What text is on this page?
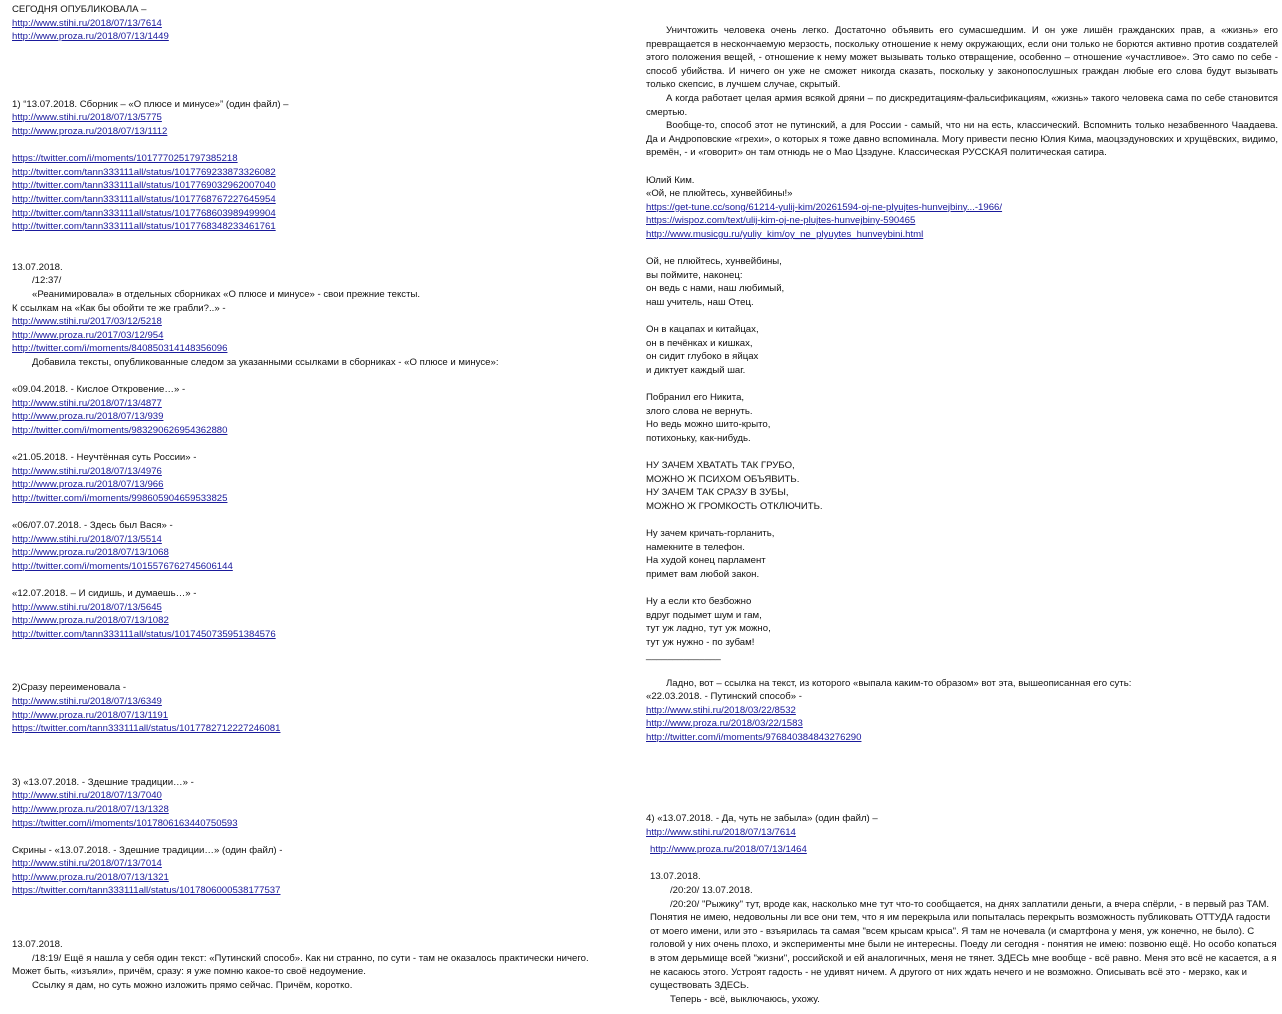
СЕГОДНЯ ОПУБЛИКОВАЛА –
http://www.stihi.ru/2018/07/13/7614
http://www.proza.ru/2018/07/13/1449
1) “13.07.2018. Сборник – «О плюсе и минусе»” (один файл) –
http://www.stihi.ru/2018/07/13/5775
http://www.proza.ru/2018/07/13/1112
https://twitter.com/i/moments/1017770251797385218
http://twitter.com/tann333111all/status/1017769233873326082
http://twitter.com/tann333111all/status/1017769032962007040
http://twitter.com/tann333111all/status/1017768767227645954
http://twitter.com/tann333111all/status/1017768603989499904
http://twitter.com/tann333111all/status/1017768348233461761
13.07.2018.
/12:37/
«Реанимировала» в отдельных сборниках «О плюсе и минусе» - свои прежние тексты.
К ссылкам на «Как бы обойти те же грабли?..» -
http://www.stihi.ru/2017/03/12/5218
http://www.proza.ru/2017/03/12/954
http://twitter.com/i/moments/840850314148356096
Добавила тексты, опубликованные следом за указанными ссылками в сборниках - «О плюсе и минусе»:
«09.04.2018. - Кислое Откровение…» -
http://www.stihi.ru/2018/07/13/4877
http://www.proza.ru/2018/07/13/939
http://twitter.com/i/moments/983290626954362880
«21.05.2018. - Неучтённая суть России» -
http://www.stihi.ru/2018/07/13/4976
http://www.proza.ru/2018/07/13/966
http://twitter.com/i/moments/998605904659533825
«06/07.07.2018. - Здесь был Вася» -
http://www.stihi.ru/2018/07/13/5514
http://www.proza.ru/2018/07/13/1068
http://twitter.com/i/moments/1015576762745606144
«12.07.2018. – И сидишь, и думаешь…» -
http://www.stihi.ru/2018/07/13/5645
http://www.proza.ru/2018/07/13/1082
http://twitter.com/tann333111all/status/1017450735951384576
2)Сразу переименовала -
http://www.stihi.ru/2018/07/13/6349
http://www.proza.ru/2018/07/13/1191
https://twitter.com/tann333111all/status/1017782712227246081
3) «13.07.2018. - Здешние традиции…» -
http://www.stihi.ru/2018/07/13/7040
http://www.proza.ru/2018/07/13/1328
https://twitter.com/i/moments/1017806163440750593
Скрины - «13.07.2018. - Здешние традиции…» (один файл) -
http://www.stihi.ru/2018/07/13/7014
http://www.proza.ru/2018/07/13/1321
https://twitter.com/tann333111all/status/1017806000538177537
13.07.2018.
/18:19/ Ещё я нашла у себя один текст: «Путинский способ». Как ни странно, по сути - там не оказалось практически ничего.
Может быть, «изъяли», причём, сразу: я уже помню какое-то своё недоумение.
Ссылку я дам, но суть можно изложить прямо сейчас. Причём, коротко.

Уничтожить человека очень легко. Достаточно объявить его сумасшедшим. И он уже лишён гражданских прав, а «жизнь» его превращается в нескончаемую мерзость, поскольку отношение к нему окружающих, если они только не борются активно против создателей этого положения вещей, - отношение к нему может вызывать только отвращение, особенно – отношение «участливое». Это само по себе - способ убийства. И ничего он уже не сможет никогда сказать, поскольку у законопослушных граждан любые его слова будут вызывать только скепсис, в лучшем случае, скрытый.

А когда работает целая армия всякой дряни – по дискредитациям-фальсификациям, «жизнь» такого человека сама по себе становится смертью.

Вообще-то, способ этот не путинский, а для России - самый, что ни на есть, классический. Вспомнить только незабвенного Чаадаева. Да и Андроповские «грехи», о которых я тоже давно вспоминала. Могу привести песню Юлия Кима, маоцзэдуновских и хрущёвских, видимо, времён, - и «говорит» он там отнюдь не о Мао Цзэдуне. Классическая РУССКАЯ политическая сатира.

Юлий Ким.
«Ой, не плюйтесь, хунвейбины!»
https://get-tune.cc/song/61214-yulij-kim/20261594-oj-ne-plyujtes-hunvejbiny...-1966/
https://wispoz.com/text/ulij-kim-oj-ne-plujtes-hunvejbiny-590465
http://www.musicgu.ru/yuliy_kim/oy_ne_plyuytes_hunveybini.html
Ой, не плюйтесь, хунвейбины,
вы поймите, наконец:
он ведь с нами, наш любимый,
наш учитель, наш Отец.
Он в кацапах и китайцах,
он в печёнках и кишках,
он сидит глубоко в яйцах
и диктует каждый шаг.
Побранил его Никита,
злого слова не вернуть.
Но ведь можно шито-крыто,
потихоньку, как-нибудь.
НУ ЗАЧЕМ ХВАТАТЬ ТАК ГРУБО,
МОЖНО Ж ПСИХОМ ОБЪЯВИТЬ.
НУ ЗАЧЕМ ТАК СРАЗУ В ЗУБЫ,
МОЖНО Ж ГРОМКОСТЬ ОТКЛЮЧИТЬ.
Ну зачем кричать-горланить,
намекните в телефон.
На худой конец парламент
примет вам любой закон.
Ну а если кто безбожно
вдруг подымет шум и гам,
тут уж ладно, тут уж можно,
тут уж нужно - по зубам!
______________
Ладно, вот – ссылка на текст, из которого «выпала каким-то образом» вот эта, вышеописанная его суть:
«22.03.2018. - Путинский способ» -
http://www.stihi.ru/2018/03/22/8532
http://www.proza.ru/2018/03/22/1583
http://twitter.com/i/moments/976840384843276290
4) «13.07.2018. - Да, чуть не забыла» (один файл) –
http://www.stihi.ru/2018/07/13/7614
http://www.proza.ru/2018/07/13/1464
13.07.2018.
/20:20/ 13.07.2018.

/20:20/ "Рыжику" тут, вроде как, насколько мне тут что-то сообщается, на днях заплатили деньги, а вчера спёрли, - в первый раз ТАМ. Понятия не имею, недовольны ли все они тем, что я им перекрыла или попыталась перекрыть возможность публиковать ОТТУДА гадости от моего имени, или это - взъярилась та самая "всем крысам крыса". Я там не ночевала (и смартфона у меня, уж конечно, не было). С головой у них очень плохо, и эксперименты мне были не интересны. Поеду ли сегодня - понятия не имею: позвоню ещё. Но особо копаться в этом дерьмище всей "жизни", российской и ей аналогичных, меня не тянет. ЗДЕСЬ мне вообще - всё равно. Меня это всё не касается, а я не касаюсь этого. Устроят гадость - не удивят ничем. А другого от них ждать нечего и не возможно. Описывать всё это - мерзко, как и существовать ЗДЕСЬ.

Теперь - всё, выключаюсь, ухожу.
